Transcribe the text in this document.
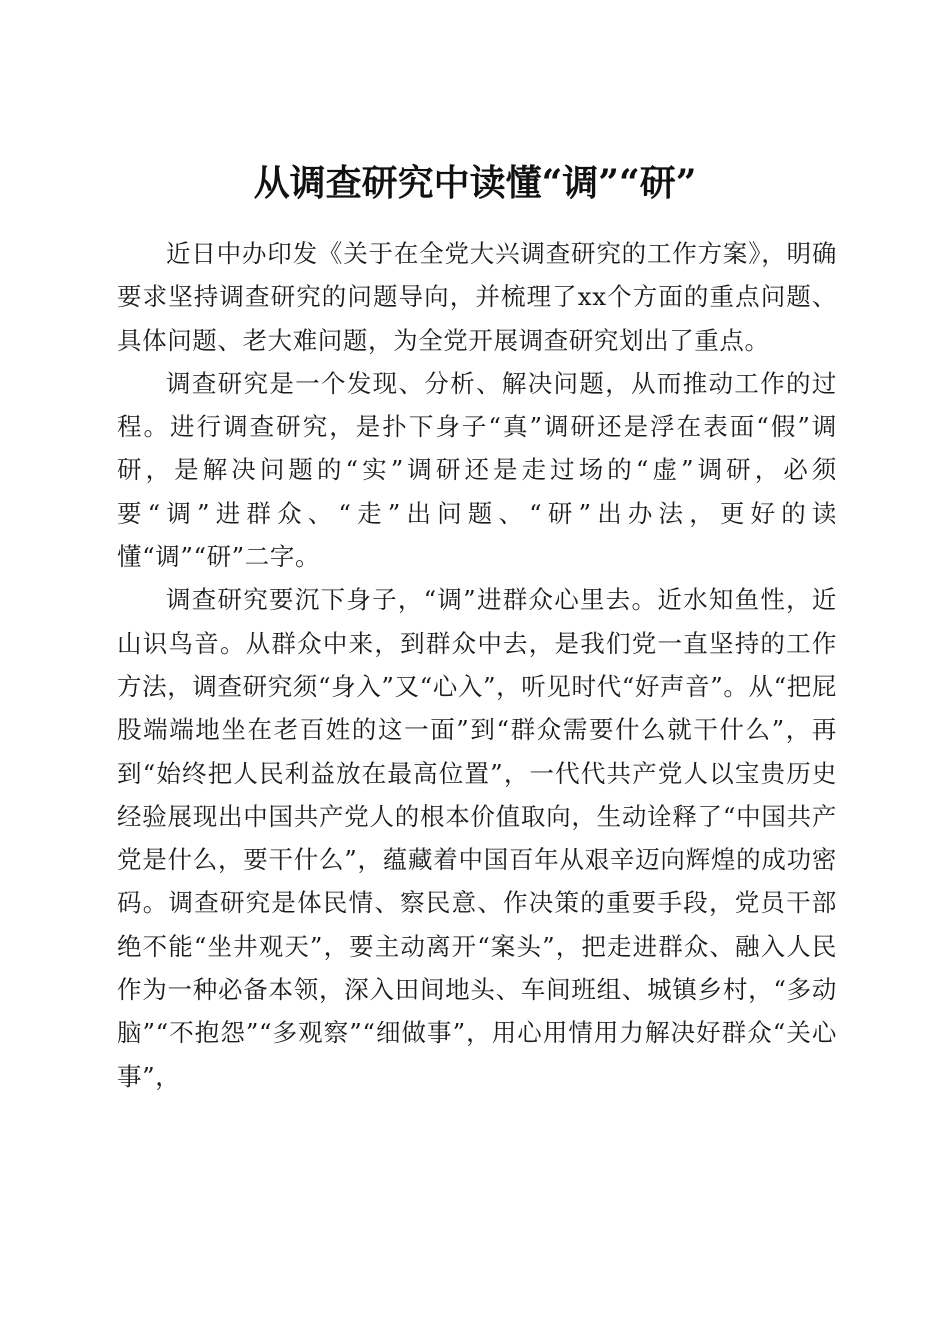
从调查研究中读懂“调”“研”

近日中办印发《关于在全党大兴调查研究的工作方案》，明确要求坚持调查研究的问题导向，并梳理了xx个方面的重点问题、具体问题、老大难问题，为全党开展调查研究划出了重点。

调查研究是一个发现、分析、解决问题，从而推动工作的过程。进行调查研究，是扑下身子“真”调研还是浮在表面“假”调研，是解决问题的“实”调研还是走过场的“虚”调研，必须要“调”进群众、“走”出问题、“研”出办法，更好的读懂“调”“研”二字。

调查研究要沉下身子，“调”进群众心里去。近水知鱼性，近山识鸟音。从群众中来，到群众中去，是我们党一直坚持的工作方法，调查研究须“身入”又“心入”，听见时代“好声音”。从“把屁股端端地坐在老百姓的这一面”到“群众需要什么就干什么”，再到“始终把人民利益放在最高位置”，一代代共产党人以宝贵历史经验展现出中国共产党人的根本价值取向，生动诠释了“中国共产党是什么，要干什么”，蕴藏着中国百年从艰辛迈向辉煌的成功密码。调查研究是体民情、察民意、作决策的重要手段，党员干部绝不能“坐井观天”，要主动离开“案头”，把走进群众、融入人民作为一种必备本领，深入田间地头、车间班组、城镇乡村，“多动脑”“不抱怨”“多观察”“细做事”，用心用情用力解决好群众“关心事”，
